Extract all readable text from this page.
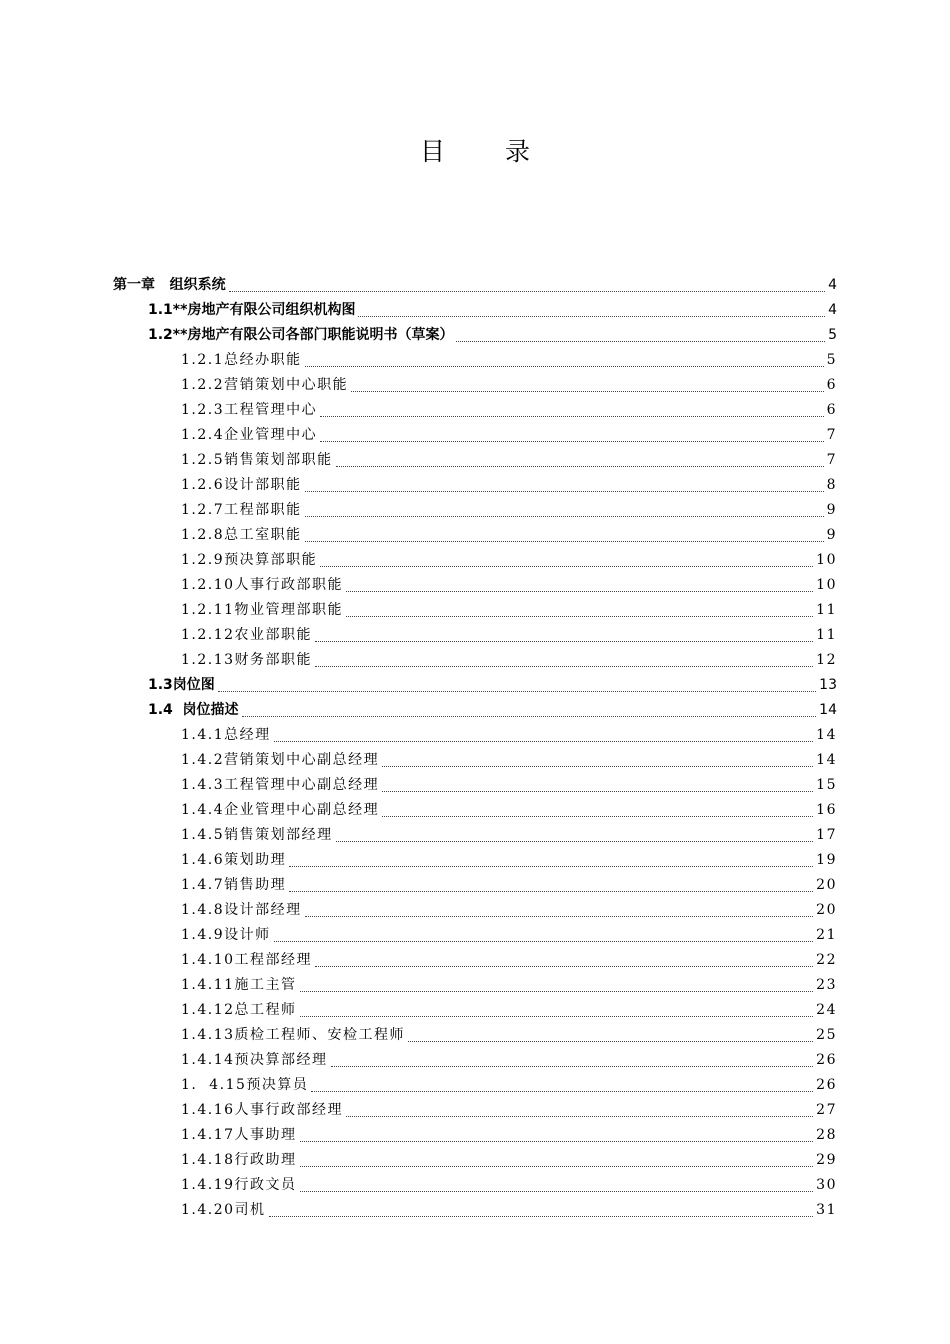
目 录
第一章   组织系统	4
1.1**房地产有限公司组织机构图	4
1.2**房地产有限公司各部门职能说明书（草案）	5
1.2.1总经办职能	5
1.2.2营销策划中心职能	6
1.2.3工程管理中心	6
1.2.4企业管理中心	7
1.2.5销售策划部职能	7
1.2.6设计部职能	8
1.2.7工程部职能	9
1.2.8总工室职能	9
1.2.9预决算部职能	10
1.2.10人事行政部职能	10
1.2.11物业管理部职能	11
1.2.12农业部职能	11
1.2.13财务部职能	12
1.3岗位图	13
1.4  岗位描述	14
1.4.1总经理	14
1.4.2营销策划中心副总经理	14
1.4.3工程管理中心副总经理	15
1.4.4企业管理中心副总经理	16
1.4.5销售策划部经理	17
1.4.6策划助理	19
1.4.7销售助理	20
1.4.8设计部经理	20
1.4.9设计师	21
1.4.10工程部经理	22
1.4.11施工主管	23
1.4.12总工程师	24
1.4.13质检工程师、安检工程师	25
1.4.14预决算部经理	26
1.  4.15预决算员	26
1.4.16人事行政部经理	27
1.4.17人事助理	28
1.4.18行政助理	29
1.4.19行政文员	30
1.4.20司机	31
